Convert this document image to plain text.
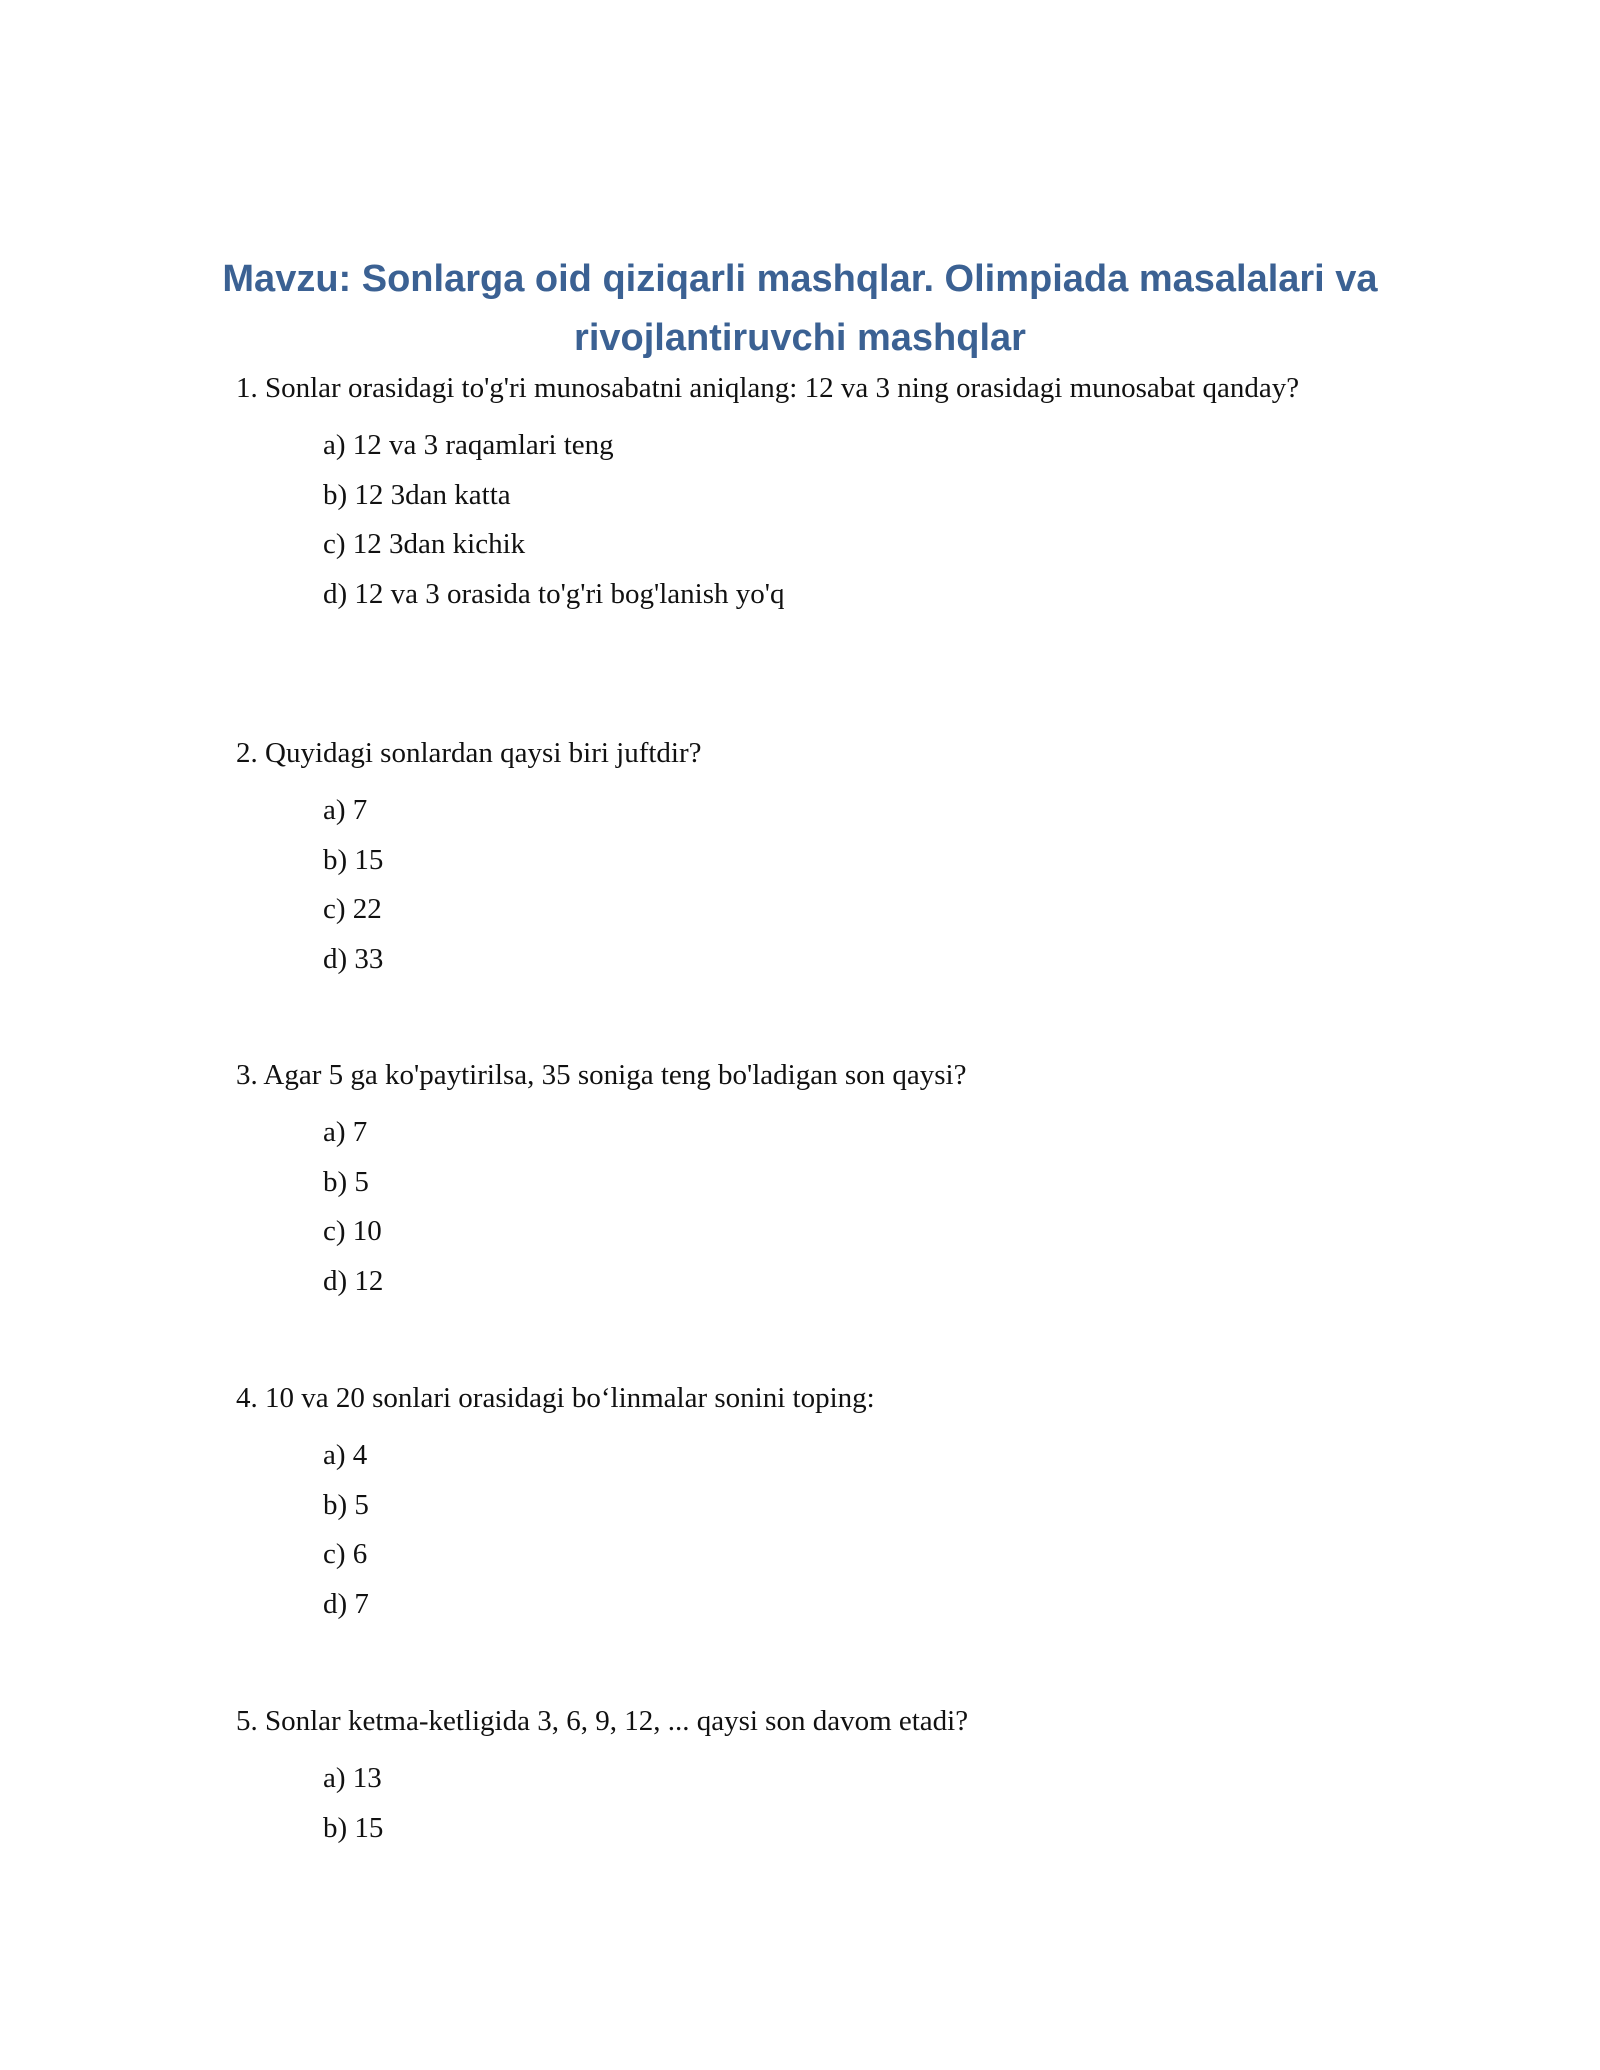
Mavzu: Sonlarga oid qiziqarli mashqlar. Olimpiada masalalari va rivojlantiruvchi mashqlar

1. Sonlar orasidagi to'g'ri munosabatni aniqlang: 12 va 3 ning orasidagi munosabat qanday?

a) 12 va 3 raqamlari teng
b) 12 3dan katta
c) 12 3dan kichik
d) 12 va 3 orasida to'g'ri bog'lanish yo'q

2. Quyidagi sonlardan qaysi biri juftdir?

a) 7
b) 15
c) 22
d) 33

3. Agar 5 ga ko'paytirilsa, 35 soniga teng bo'ladigan son qaysi?

a) 7
b) 5
c) 10
d) 12

4. 10 va 20 sonlari orasidagi bo‘linmalar sonini toping:

a) 4
b) 5
c) 6
d) 7

5. Sonlar ketma-ketligida 3, 6, 9, 12, ... qaysi son davom etadi?

a) 13
b) 15
